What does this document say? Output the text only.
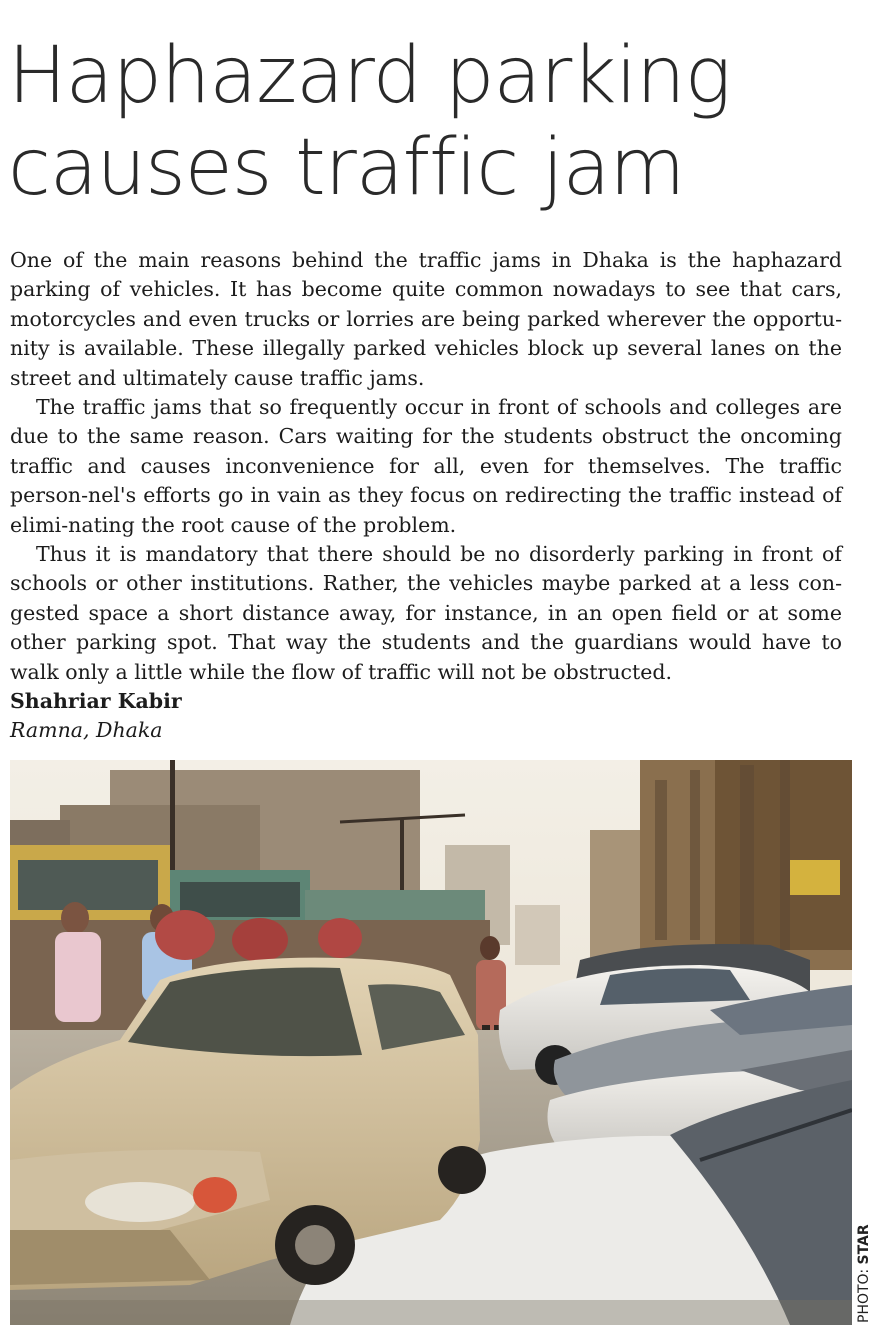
Haphazard parking
causes traffic jam

One of the main reasons behind the traffic jams in Dhaka is the haphazard parking of vehicles. It has become quite common nowadays to see that cars, motorcycles and even trucks or lorries are being parked wherever the opportu-nity is available. These illegally parked vehicles block up several lanes on the street and ultimately cause traffic jams.

The traffic jams that so frequently occur in front of schools and colleges are due to the same reason. Cars waiting for the students obstruct the oncoming traffic and causes inconvenience for all, even for themselves. The traffic person-nel's efforts go in vain as they focus on redirecting the traffic instead of elimi-nating the root cause of the problem.

Thus it is mandatory that there should be no disorderly parking in front of schools or other institutions. Rather, the vehicles maybe parked at a less con-gested space a short distance away, for instance, in an open field or at some other parking spot. That way the students and the guardians would have to walk only a little while the flow of traffic will not be obstructed.

Shahriar Kabir
Ramna, Dhaka
PHOTO: STAR
